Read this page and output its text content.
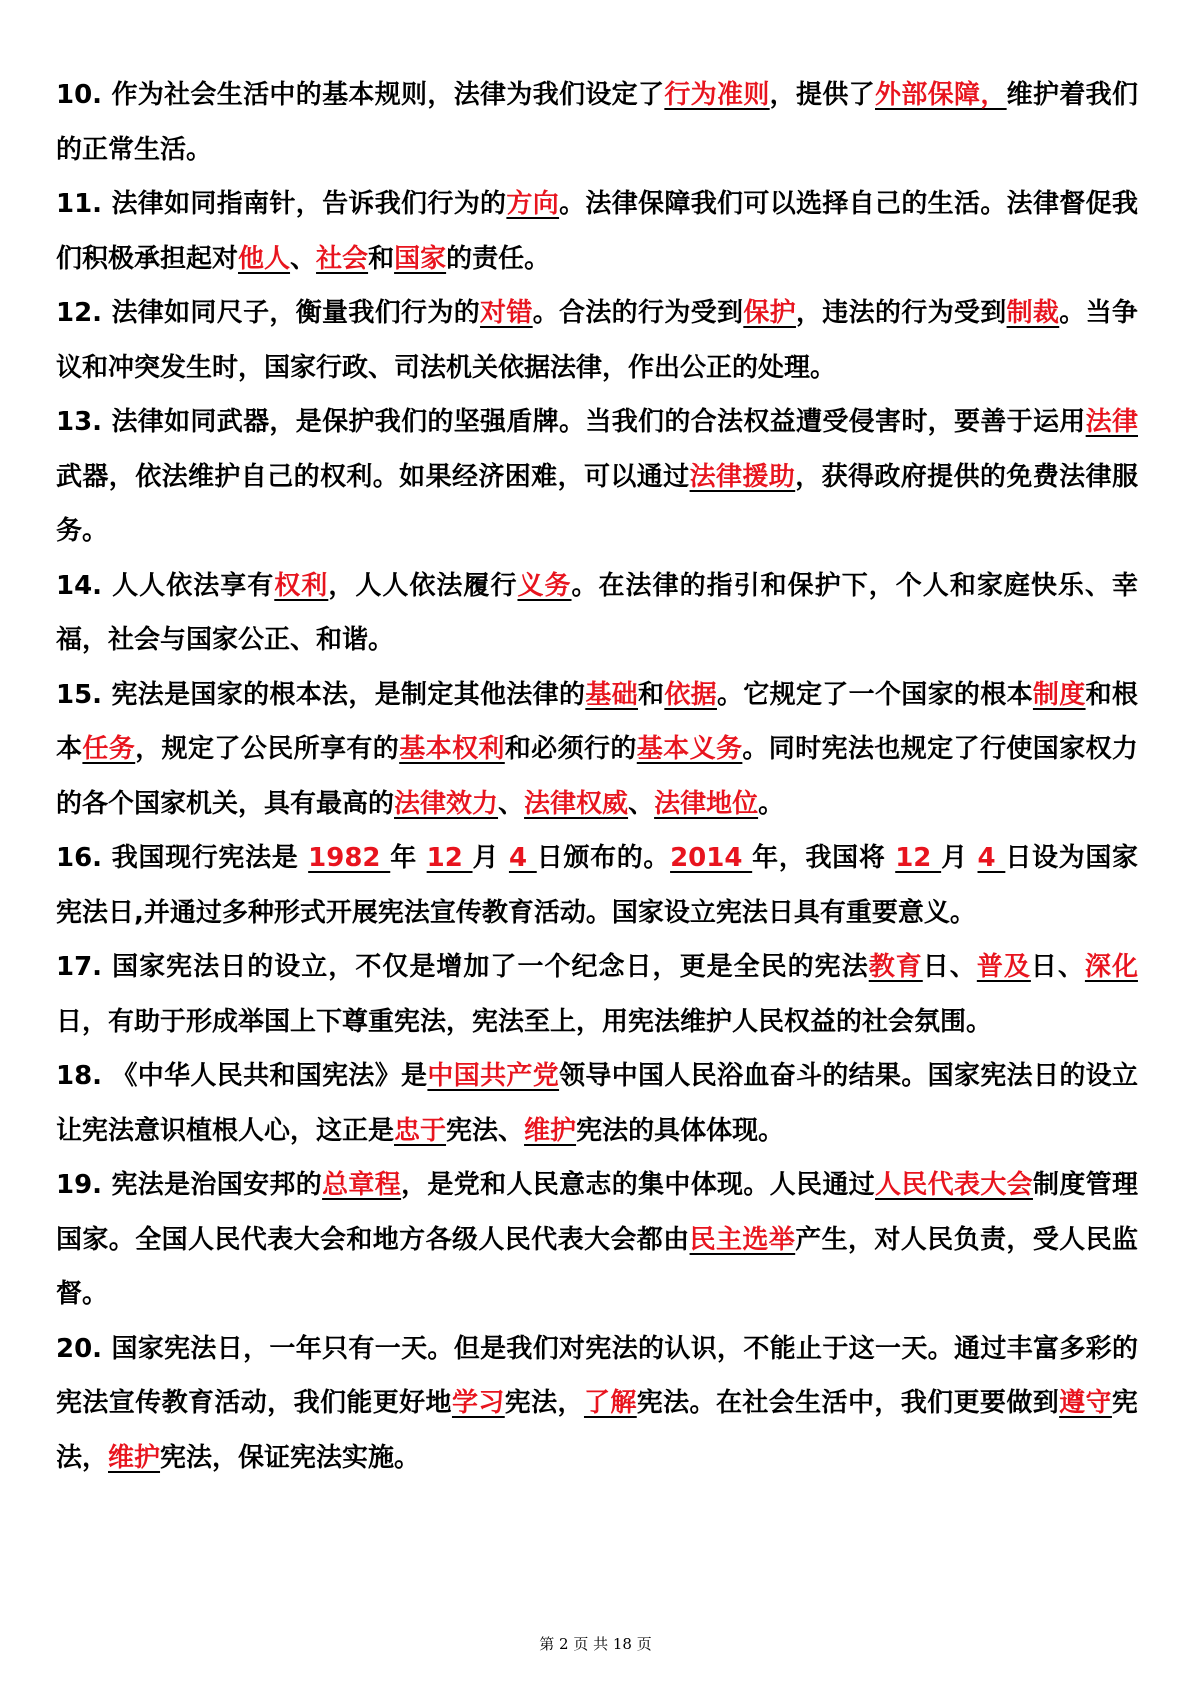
10. 作为社会生活中的基本规则，法律为我们设定了行为准则，提供了外部保障，维护着我们的正常生活。

11. 法律如同指南针，告诉我们行为的方向。法律保障我们可以选择自己的生活。法律督促我们积极承担起对他人、社会和国家的责任。

12. 法律如同尺子，衡量我们行为的对错。合法的行为受到保护，违法的行为受到制裁。当争议和冲突发生时，国家行政、司法机关依据法律，作出公正的处理。

13. 法律如同武器，是保护我们的坚强盾牌。当我们的合法权益遭受侵害时，要善于运用法律武器，依法维护自己的权利。如果经济困难，可以通过法律援助，获得政府提供的免费法律服务。

14. 人人依法享有权利，人人依法履行义务。在法律的指引和保护下，个人和家庭快乐、幸福，社会与国家公正、和谐。

15. 宪法是国家的根本法，是制定其他法律的基础和依据。它规定了一个国家的根本制度和根本任务，规定了公民所享有的基本权利和必须行的基本义务。同时宪法也规定了行使国家权力的各个国家机关，具有最高的法律效力、法律权威、法律地位。

16. 我国现行宪法是 1982 年 12 月 4 日颁布的。2014 年，我国将 12 月 4 日设为国家宪法日,并通过多种形式开展宪法宣传教育活动。国家设立宪法日具有重要意义。

17. 国家宪法日的设立，不仅是增加了一个纪念日，更是全民的宪法教育日、普及日、深化日，有助于形成举国上下尊重宪法，宪法至上，用宪法维护人民权益的社会氛围。

18. 《中华人民共和国宪法》是中国共产党领导中国人民浴血奋斗的结果。国家宪法日的设立让宪法意识植根人心，这正是忠于宪法、维护宪法的具体体现。

19. 宪法是治国安邦的总章程，是党和人民意志的集中体现。人民通过人民代表大会制度管理国家。全国人民代表大会和地方各级人民代表大会都由民主选举产生，对人民负责，受人民监督。

20. 国家宪法日，一年只有一天。但是我们对宪法的认识，不能止于这一天。通过丰富多彩的宪法宣传教育活动，我们能更好地学习宪法，了解宪法。在社会生活中，我们更要做到遵守宪法，维护宪法，保证宪法实施。

第 2 页 共 18 页
